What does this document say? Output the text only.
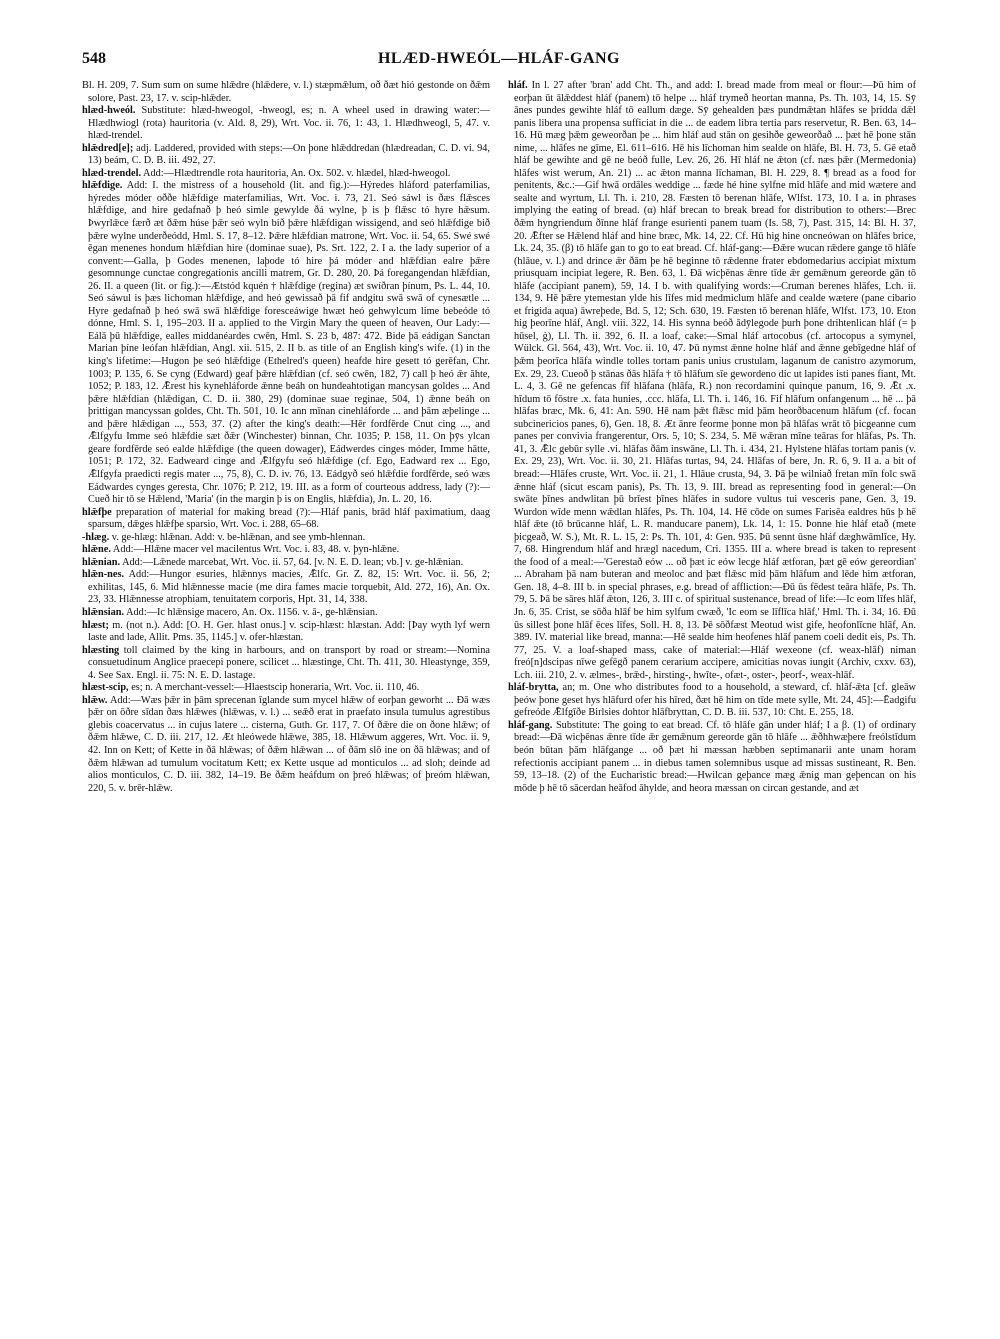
548	HLÆD-HWEÓL—HLÁF-GANG

Bl. H. 209, 7. Sum sum on sume hlǣdre (hlǣdere, v. l.) stæpmǣlum, oð ðæt hió gestonde on ðǣm solore, Past. 23, 17. v. scip-hlǣder.

hlæd-hweól. Substitute: hlæd-hweogol, -hweogl, es; n. A wheel used in drawing water:—Hlædhwiogl (rota) hauritoria (v. Ald. 8, 29), Wrt. Voc. ii. 76, 1: 43, 1. Hlædhweogl, 5, 47. v. hlæd-trendel.

hlǣdred[e]; adj. Laddered, provided with steps:—On þone hlǣddredan (hlædreadan, C. D. vi. 94, 13) beám, C. D. B. iii. 492, 27.

hlæd-trendel. Add:—Hlædtrendle rota hauritoria, An. Ox. 502. v. hlædel, hlæd-hweogol.

hlǣfdige. Add: I. the mistress of a household (lit. and fig.):—Hýredes hláford paterfamilias, hýredes móder oððe hlǣfdige materfamilias, Wrt. Voc. i. 73, 21. Seó sáwl is ðæs flǣsces hlǣfdige, and hire gedafnað þ heó simle gewylde ðá wylne, þ is þ flǣsc tó hyre hǣsum. Þwyrlǣce færð æt ðǣm húse þǣr seó wyln bið þǣre hlǣfdigan wissigend, and seó hlǣfdige bið þǣre wylne underðeódd, Hml. S. 17, 8–12. Þǣre hlǣfdian matrone, Wrt. Voc. ii. 54, 65. Swé swé ēgan menenes hondum hlǣfdian hire (dominae suae), Ps. Srt. 122, 2. I a. the lady superior of a convent:—Galla, þ Godes menenen, laþode tó hire þá móder and hlǣfdian ealre þǣre gesomnunge cunctae congregationis ancilli matrem, Gr. D. 280, 20. Þá foregangendan hlǣfdian, 26. II. a queen (lit. or fig.):—Ætstód kquén † hlǣfdige (regina) æt swíðran þínum, Ps. L. 44, 10. Seó sáwul is þæs lichoman hlǣfdige, and heó gewissað þā fif andgitu swā swā of cynesætle ... Hyre gedafnað þ heó swā swā hlǣfdige foresceáwige hwæt heó gehwylcum lime bebeóde tó dónne, Hml. S. 1, 195–203. II a. applied to the Virgin Mary the queen of heaven, Our Lady:—Eálā þū hlǣfdige, ealles middanéardes cwēn, Hml. S. 23 b, 487: 472. Bide þā eádigan Sanctan Marian þíne leófan hlǣfdian, Angl. xii. 515, 2. II b. as title of an English king's wife. (1) in the king's lifetime:—Hugon þe seó hlǣfdige (Ethelred's queen) heafde hire gesett tó gerēfan, Chr. 1003; P. 135, 6. Se cyng (Edward) geaf þǣre hlǣfdian (cf. seó cwēn, 182, 7) call þ heó ǣr āhte, 1052; P. 183, 12. Ǣrest his kynehláforde ǣnne beáh on hundeahtotigan mancysan goldes ... And þǣre hlǣfdian (hlǣdigan, C. D. ii. 380, 29) (dominae suae reginae, 504, 1) ǣnne beáh on þrittigan mancyssan goldes, Cht. Th. 501, 10. Ic ann mīnan cinehláforde ... and þām æþelinge ... and þǣre hlǣdigan ..., 553, 37. (2) after the king's death:—Hēr fordfērde Cnut cing ..., and Ǣlfgyfu Imme seó hlǣfdie sæt ðǣr (Winchester) binnan, Chr. 1035; P. 158, 11. On þȳs ylcan geare fordfērde seó ealde hlǣfdige (the queen dowager), Eádwerdes cinges móder, Imme hātte, 1051; P. 172, 32. Eadweard cinge and Ǣlfgyfu seó hlǣfdige (cf. Ego, Eadward rex ... Ego, Ǣlfgyfa praedicti regis mater ..., 75, 8), C. D. iv. 76, 13. Eádgyð seó hlǣfdie fordfērde, seó wæs Eádwardes cynges geresta, Chr. 1076; P. 212, 19. III. as a form of courteous address, lady (?):—Cueð hir tō se Hǣlend, 'Maria' (in the margin þ is on Englis, hlǣfdia), Jn. L. 20, 16.

hlǣfþe preparation of material for making bread (?):—Hláf panis, brād hláf paximatium, daag sparsum, dǣges hlǣfþe sparsio, Wrt. Voc. i. 288, 65–68.

-hlæg. v. ge-hlæg: hlǣnan. Add: v. be-hlǣnan, and see ymb-hlennan.

hlǣne. Add:—Hlǣne macer vel macilentus Wrt. Voc. i. 83, 48. v. þyn-hlǣne.

hlǣnian. Add:—Lǣnede marcebat, Wrt. Voc. ii. 57, 64. [v. N. E. D. lean; vb.] v. ge-hlǣnian.

hlǣn-nes. Add:—Hungor esuries, hlǣnnys macies, Ǣlfc. Gr. Z. 82, 15: Wrt. Voc. ii. 56, 2; exhilitas, 145, 6. Mid hlǣnnesse macie (me dira fames macie torquebit, Ald. 272, 16), An. Ox. 23, 33. Hlǣnnesse atrophiam, tenuitatem corporis, Hpt. 31, 14, 338.

hlǣnsian. Add:—Ic hlǣnsige macero, An. Ox. 1156. v. ā-, ge-hlǣnsian.

hlæst; m. (not n.). Add: [O. H. Ger. hlast onus.] v. scip-hlæst: hlæstan. Add: [Þay wyth lyf wern laste and lade, Allit. Pms. 35, 1145.] v. ofer-hlæstan.

hlæsting toll claimed by the king in harbours, and on transport by road or stream:—Nomina consuetudinum Anglice praecepi ponere, scilicet ... hlæstinge, Cht. Th. 411, 30. Hleastynge, 359, 4. See Sax. Engl. ii. 75: N. E. D. lastage.

hlæst-scip, es; n. A merchant-vessel:—Hlaestscip honeraria, Wrt. Voc. ii. 110, 46.

hlǣw. Add:—Wæs þǣr in þām sprecenan īglande sum mycel hlǣw of eorþan geworht ... Ðā wæs þǣr on ōðre sīdan ðæs hlǣwes (hlǣwas, v. l.) ... seǣð erat in praefato insula tumulus agrestibus glebis coacervatus ... in cujus latere ... cisterna, Guth. Gr. 117, 7. Of ðǣre die on ðone hlǣw; of ðǣm hlǣwe, C. D. iii. 217, 12. Æt hleówede hlǣwe, 385, 18. Hlǣwum aggeres, Wrt. Voc. ii. 9, 42. Inn on Kett; of Kette in ðā hlǣwas; of ðǣm hlǣwan ... of ðām slō ine on ðā hlǣwas; and of ðǣm hlǣwan ad tumulum vocitatum Kett; ex Kette usque ad monticulos ... ad sloh; deinde ad alios monticulos, C. D. iii. 382, 14–19. Be ðǣm heáfdum on þreó hlǣwas; of þreóm hlǣwan, 220, 5. v. brēr-hlǣw.

hláf. In l. 27 after 'bran' add Cht. Th., and add: I. bread made from meal or flour:—Þū him of eorþan ūt ālǣddest hláf (panem) tō helpe ... hláf trymeð heortan manna, Ps. Th. 103, 14, 15. Sȳ ānes pundes gewihte hláf tō eallum dæge. Sȳ gehealden þæs pundmǣtan hlāfes se þridda dǣl panis libera una propensa sufficiat in die ... de eadem libra tertia pars reservetur, R. Ben. 63, 14–16. Hū mæg þǣm geweorðan þe ... him hláf aud stān on gesihðe geweorðað ... þæt hē þone stān nime, ... hlāfes ne gīme, El. 611–616. Hē his līchoman him sealde on hlāfe, Bl. H. 73, 5. Gē etað hláf be gewihte and gē ne beóð fulle, Lev. 26, 26. Hī hláf ne ǣton (cf. næs þǣr (Mermedonia) hlāfes wist werum, An. 21) ... ac ǣton manna līchaman, Bl. H. 229, 8. ¶ bread as a food for penitents, &c.:—Gif hwā ordāles weddige ... fæde hé hine sylfne mid hlāfe and mid wætere and sealte and wyrtum, Ll. Th. i. 210, 28. Fæsten tō berenan hlāfe, Wlfst. 173, 10. I a. in phrases implying the eating of bread. (α) hláf brecan to break bread for distribution to others:—Brec ðǣm hyngriendum ðīnne hláf frange esurienti panem tuam (Is. 58, 7), Past. 315, 14: Bl. H. 37, 20. Ǣfter se Hǣlend hláf and hine bræc, Mk. 14, 22. Cf. Hū hig hine oncneówan on hlāfes brice, Lk. 24, 35. (β) tō hlāfe gan to go to eat bread. Cf. hláf-gang:—Ðǣre wucan rǣdere gange tō hlāfe (hlāue, v. l.) and drince ǣr ðām þe hē beginne tō rǣdenne frater ebdomedarius accipiat mixtum priusquam incipiat legere, R. Ben. 63, 1. Ðā wicþēnas ǣnre tīde ǣr gemǣnum gereorde gān tō hlāfe (accipiant panem), 59, 14. I b. with qualifying words:—Cruman berenes hlāfes, Lch. ii. 134, 9. Hē þǣre ytemestan ylde his līfes mid medmiclum hlāfe and cealde wætere (pane cibario et frigida aqua) āwreþede, Bd. 5, 12; Sch. 630, 19. Fæsten tō berenan hlāfe, Wlfst. 173, 10. Eton hig þeorīne hláf, Angl. viii. 322, 14. His synna beóð ādȳlegode þurh þone drihtenlican hláf (= þ hūsel, ġ), Ll. Th. ii. 392, 6. II. a loaf, cake:—Smal hláf artocobus (cf. artocopus a symynel, Wülck. Gl. 564, 43), Wrt. Voc. ii. 10, 47. Þū nymst ǣnne holne hláf and ǣnne gebīgedne hláf of þǣm þeorīca hlāfa windle tolles tortam panis unius crustulam, laganum de canistro azymorum, Ex. 29, 23. Cueoð þ stānas ðās hlāfa † tō hlāfum sīe gewordeno dic ut lapides isti panes fiant, Mt. L. 4, 3. Gē ne gefencas fīf hlāfana (hlāfa, R.) non recordamini quinque panum, 16, 9. Ǣt .x. hīdum tō fōstre .x. fata hunies, .ccc. hlāfa, Ll. Th. i. 146, 16. Fif hlāfum onfangenum ... hē ... þā hlāfas bræc, Mk. 6, 41: An. 590. Hē nam þǣt flǣsc mid þām heorðbacenum hlāfum (cf. focan subcinericios panes, 6), Gen. 18, 8. Æt ānre feorme þonne mon þā hlāfas wrāt tō þicgeanne cum panes per convivia frangerentur, Ors. 5, 10; S. 234, 5. Mē wǣran mīne teāras for hlāfas, Ps. Th. 41, 3. Ǣlc gebūr sylle .vi. hlāfas ðām inswāne, Ll. Th. i. 434, 21. Hylstene hlāfas tortam panis (v. Ex. 29, 23), Wrt. Voc. ii. 30, 21. Hlāfas turtas, 94, 24. Hlāfas of bere, Jn. R. 6, 9. II a. a bit of bread:—Hlāfes cruste, Wrt. Voc. ii. 21, 1. Hlāue crusta, 94, 3. Þā þe wilniað fretan mīn folc swā ǣnne hláf (sicut escam panis), Ps. Th. 13, 9. III. bread as representing food in general:—On swāte þīnes andwlitan þū brīest þīnes hlāfes in sudore vultus tui vesceris pane, Gen. 3, 19. Wurdon wīde menn wǣdlan hlāfes, Ps. Th. 104, 14. Hē cōde on sumes Farisēa ealdres hūs þ hē hlāf ǣte (tō brūcanne hláf, L. R. manducare panem), Lk. 14, 1: 15. Þonne hie hláf etað (mete þicgeað, W. S.), Mt. R. L. 15, 2: Ps. Th. 101, 4: Gen. 935. Þū sennt ūsne hláf dæghwāmlīce, Hy. 7, 68. Hingrendum hláf and hrægl nacedum, Cri. 1355. III a. where bread is taken to represent the food of a meal:—'Gerestað eów ... oð þæt ic eów lecge hláf ætforan, þæt gē eów gereordian' ... Abraham þā nam buteran and meoloc and þæt flǣsc mid þām hlāfum and lēde him ætforan, Gen. 18, 4–8. III b. in special phrases, e.g. bread of affliction:—Ðū ūs fēdest teāra hlāfe, Ps. Th. 79, 5. Þā be sāres hlāf ǣton, 126, 3. III c. of spiritual sustenance, bread of life:—Ic eom līfes hlāf, Jn. 6, 35. Crist, se sōða hlāf be him sylfum cwæð, 'Ic eom se līflīca hlāf,' Hml. Th. i. 34, 16. Ðū ūs sillest þone hlāf ēces līfes, Soll. H. 8, 13. Þē sōðfæst Meotud wist gife, heofonlīcne hlāf, An. 389. IV. material like bread, manna:—Hē sealde him heofenes hlāf panem coeli dedit eis, Ps. Th. 77, 25. V. a loaf-shaped mass, cake of material:—Hláf wexeone (cf. weax-hlāf) niman freó[n]dscipas nīwe gefēgð panem cerarium accipere, amicitias novas iungit (Archiv, cxxv. 63), Lch. iii. 210, 2. v. ælmes-, brǣd-, hirsting-, hwīte-, ofæt-, oster-, þeorf-, weax-hlāf.

hláf-brytta, an; m. One who distributes food to a household, a steward, cf. hlāf-ǣta [cf. gleāw þeów þone geset hys hlāfurd ofer his hīred, ðæt hē him on tīde mete sylle, Mt. 24, 45]:—Ēadgifu gefreóde Ǣlfgīðe Birlsies dohtor hlāfbryttan, C. D. B. iii. 537, 10: Cht. E. 255, 18.

hláf-gang. Substitute: The going to eat bread. Cf. tō hlāfe gān under hláf; I a β. (1) of ordinary bread:—Ðā wicþēnas ǣnre tīde ǣr gemǣnum gereorde gān tō hlāfe ... ǣðhhwæþere freólstīdum beón būtan þām hlāfgange ... oð þæt hi mæssan hæbben septimanarii ante unam horam refectionis accipiant panem ... in diebus tamen solemnibus usque ad missas sustineant, R. Ben. 59, 13–18. (2) of the Eucharistic bread:—Hwilcan geþance mæg ǣnig man geþencan on his mōde þ hē tō sācerdan heāfod āhylde, and heora mæssan on circan gestande, and æt
